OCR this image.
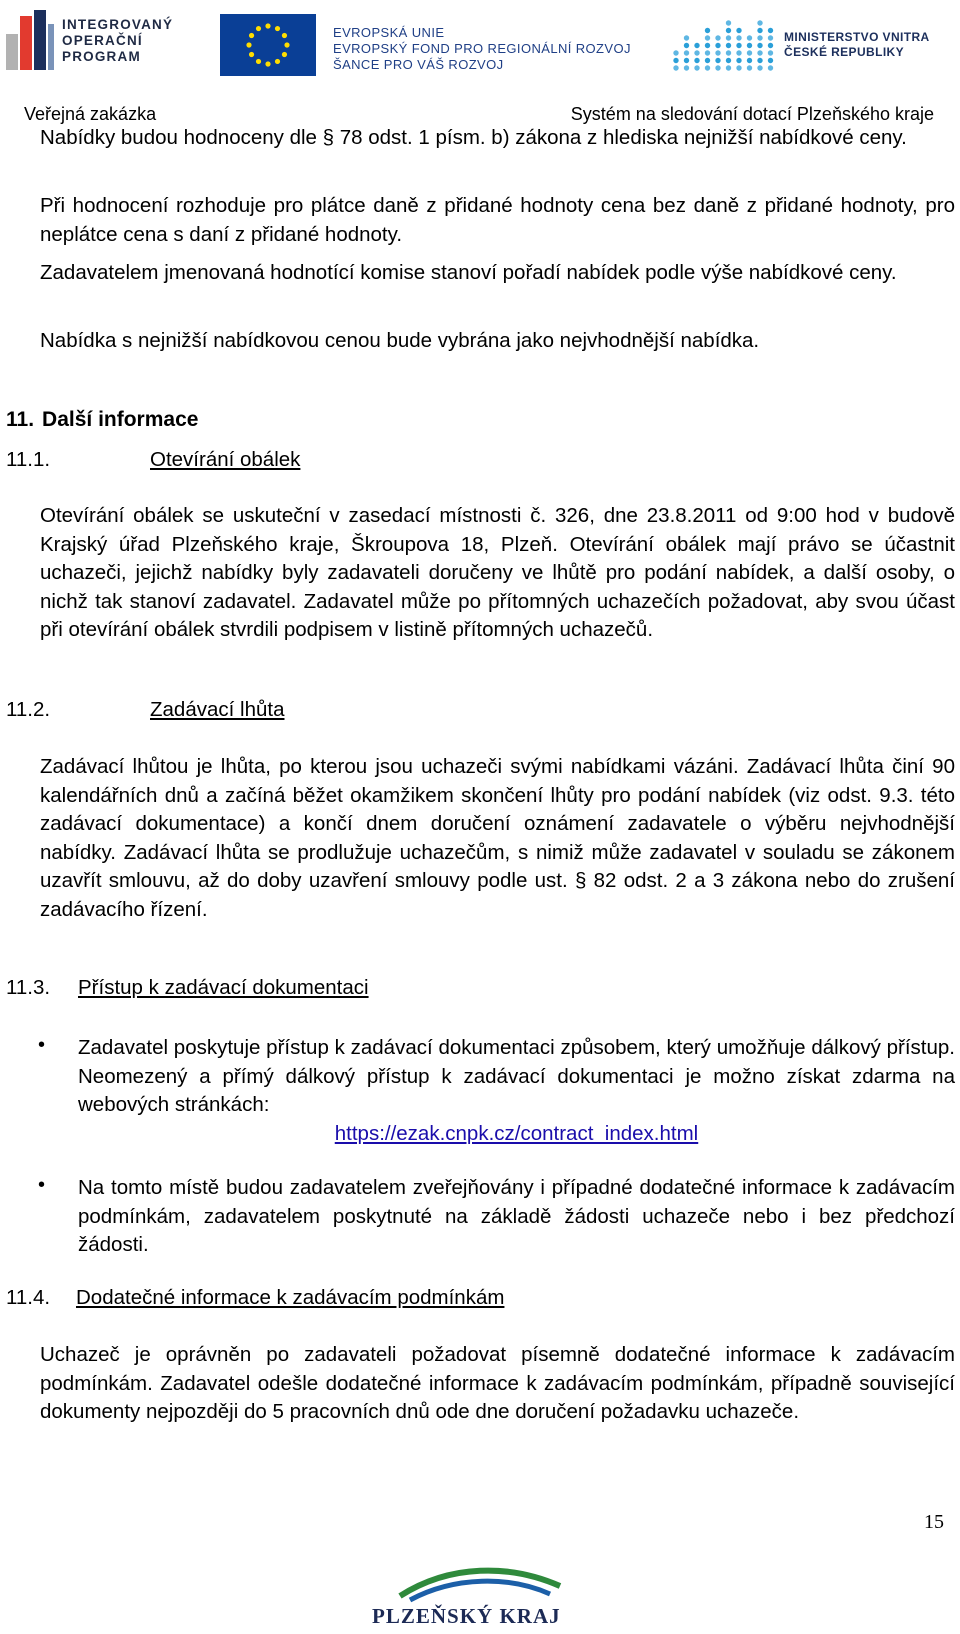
INTEGROVANÝ
OPERAČNÍ
PROGRAM
EVROPSKÁ UNIE
EVROPSKÝ FOND PRO REGIONÁLNÍ ROZVOJ
ŠANCE PRO VÁŠ ROZVOJ
MINISTERSTVO VNITRA
ČESKÉ REPUBLIKY
Veřejná zakázka	Systém na sledování dotací Plzeňského kraje
Nabídky budou hodnoceny dle § 78 odst. 1 písm. b) zákona z hlediska nejnižší nabídkové ceny.
Při hodnocení rozhoduje pro plátce daně z přidané hodnoty cena bez daně z přidané hodnoty, pro neplátce cena s daní z přidané hodnoty.
Zadavatelem jmenovaná hodnotící komise stanoví pořadí nabídek podle výše nabídkové ceny.
Nabídka s nejnižší nabídkovou cenou bude vybrána jako nejvhodnější nabídka.
11. Další informace
11.1.	Otevírání obálek
Otevírání obálek se uskuteční v zasedací místnosti č. 326, dne 23.8.2011 od 9:00 hod v budově Krajský úřad Plzeňského kraje, Škroupova 18, Plzeň. Otevírání obálek mají právo se účastnit uchazeči, jejichž nabídky byly zadavateli doručeny ve lhůtě pro podání nabídek, a další osoby, o nichž tak stanoví zadavatel. Zadavatel může po přítomných uchazečích požadovat, aby svou účast při otevírání obálek stvrdili podpisem v listině přítomných uchazečů.
11.2.	Zadávací lhůta
Zadávací lhůtou je lhůta, po kterou jsou uchazeči svými nabídkami vázáni. Zadávací lhůta činí 90 kalendářních dnů a začíná běžet okamžikem skončení lhůty pro podání nabídek (viz odst. 9.3. této zadávací dokumentace) a končí dnem doručení oznámení zadavatele o výběru nejvhodnější nabídky. Zadávací lhůta se prodlužuje uchazečům, s nimiž může zadavatel v souladu se zákonem uzavřít smlouvu, až do doby uzavření smlouvy podle ust. § 82 odst. 2 a 3 zákona nebo do zrušení zadávacího řízení.
11.3. Přístup k zadávací dokumentaci
• Zadavatel poskytuje přístup k zadávací dokumentaci způsobem, který umožňuje dálkový přístup. Neomezený a přímý dálkový přístup k zadávací dokumentaci je možno získat zdarma na webových stránkách:
https://ezak.cnpk.cz/contract_index.html
• Na tomto místě budou zadavatelem zveřejňovány i případné dodatečné informace k zadávacím podmínkám, zadavatelem poskytnuté na základě žádosti uchazeče nebo i bez předchozí žádosti.
11.4. Dodatečné informace k zadávacím podmínkám
Uchazeč je oprávněn po zadavateli požadovat písemně dodatečné informace k zadávacím podmínkám. Zadavatel odešle dodatečné informace k zadávacím podmínkám, případně související dokumenty nejpozději do 5 pracovních dnů ode dne doručení požadavku uchazeče.
15
PLZEŇSKÝ KRAJ
